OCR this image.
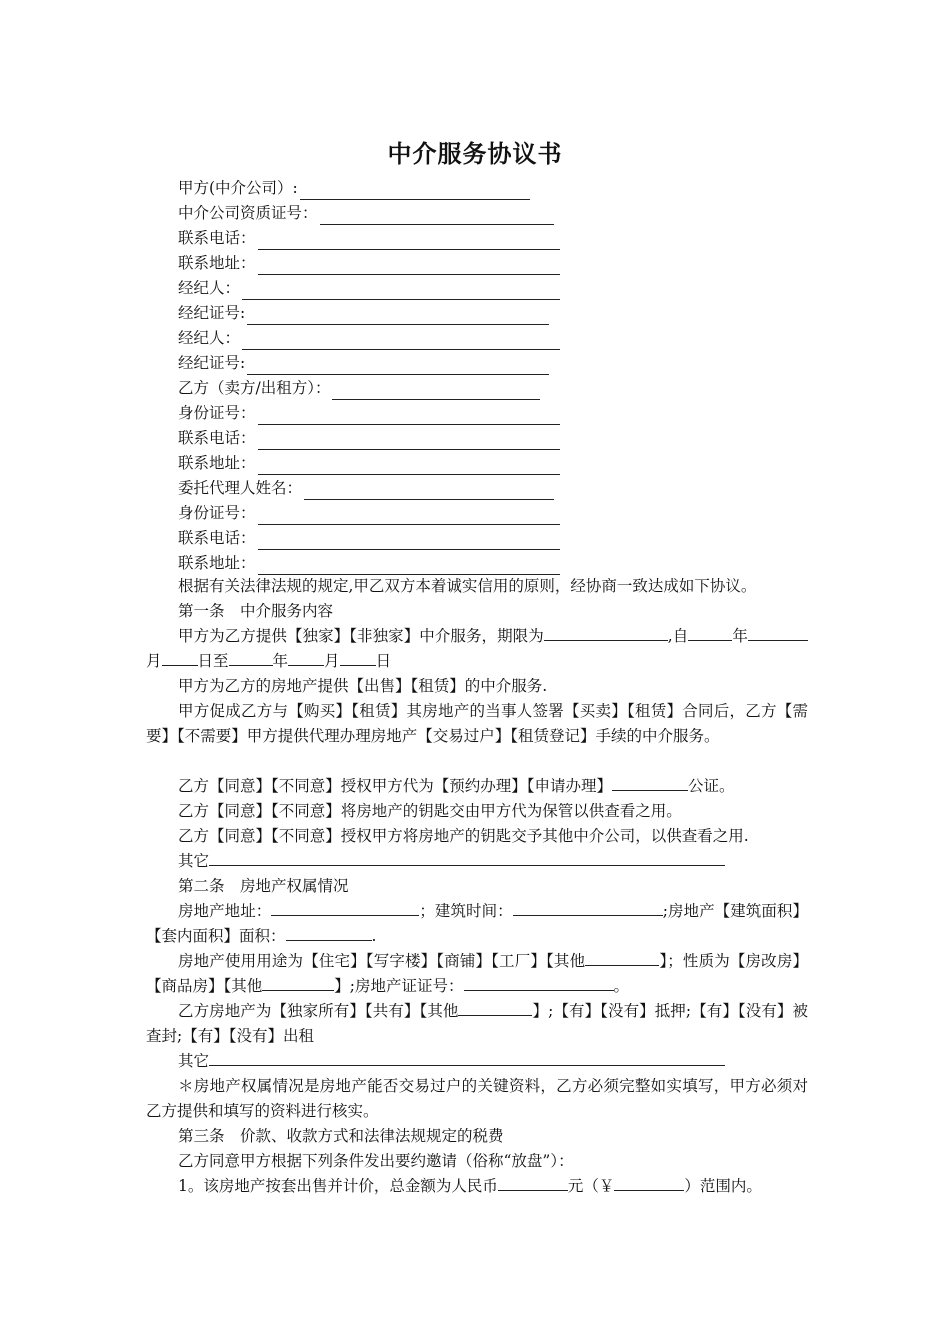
中介服务协议书
甲方(中介公司）:
中介公司资质证号：
联系电话：
联系地址：
经纪人：
经纪证号:
经纪人：
经纪证号:
乙方（卖方/出租方）：
身份证号：
联系电话：
联系地址：
委托代理人姓名：
身份证号：
联系电话：
联系地址：
根据有关法律法规的规定,甲乙双方本着诚实信用的原则，经协商一致达成如下协议。
第一条　中介服务内容
甲方为乙方提供【独家】【非独家】中介服务，期限为	,自	年月 日至	年 月 日
甲方为乙方的房地产提供【出售】【租赁】的中介服务.
甲方促成乙方与【购买】【租赁】其房地产的当事人签署【买卖】【租赁】合同后，乙方【需要】【不需要】甲方提供代理办理房地产【交易过户】【租赁登记】手续的中介服务。
乙方【同意】【不同意】授权甲方代为【预约办理】【申请办理】	公证。
乙方【同意】【不同意】将房地产的钥匙交由甲方代为保管以供查看之用。
乙方【同意】【不同意】授权甲方将房地产的钥匙交予其他中介公司，以供查看之用.
其它
第二条　房地产权属情况
房地产地址：	；建筑时间：	;房地产【建筑面积】【套内面积】面积：	.
房地产使用用途为【住宅】【写字楼】【商铺】【工厂】【其他	】；性质为【房改房】【商品房】【其他	】;房地产证证号：	。
乙方房地产为【独家所有】【共有】【其他	】;【有】【没有】抵押;【有】【没有】被查封;【有】【没有】出租
其它
＊房地产权属情况是房地产能否交易过户的关键资料，乙方必须完整如实填写，甲方必须对乙方提供和填写的资料进行核实。
第三条　价款、收款方式和法律法规规定的税费
乙方同意甲方根据下列条件发出要约邀请（俗称“放盘”）：
1。该房地产按套出售并计价，总金额为人民币	元（￥	）范围内。
